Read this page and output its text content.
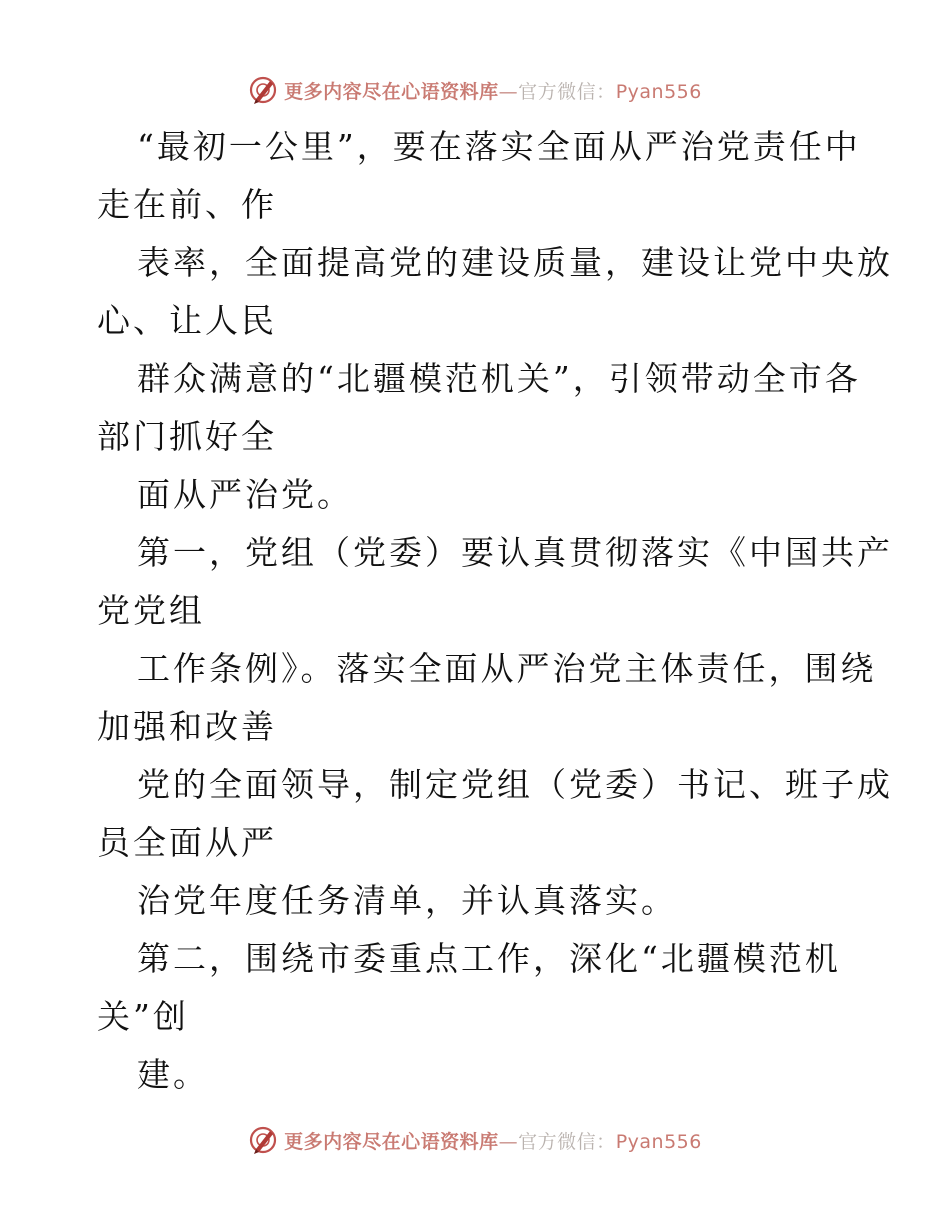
更多内容尽在心语资料库—官方微信：Pyan556
“最初一公里”，要在落实全面从严治党责任中
走在前、作
表率，全面提高党的建设质量，建设让党中央放
心、让人民
群众满意的“北疆模范机关”，引领带动全市各
部门抓好全
面从严治党。
第一，党组（党委）要认真贯彻落实《中国共产
党党组
工作条例》。落实全面从严治党主体责任，围绕
加强和改善
党的全面领导，制定党组（党委）书记、班子成
员全面从严
治党年度任务清单，并认真落实。
第二，围绕市委重点工作，深化“北疆模范机
关”创
建。
更多内容尽在心语资料库—官方微信：Pyan556
